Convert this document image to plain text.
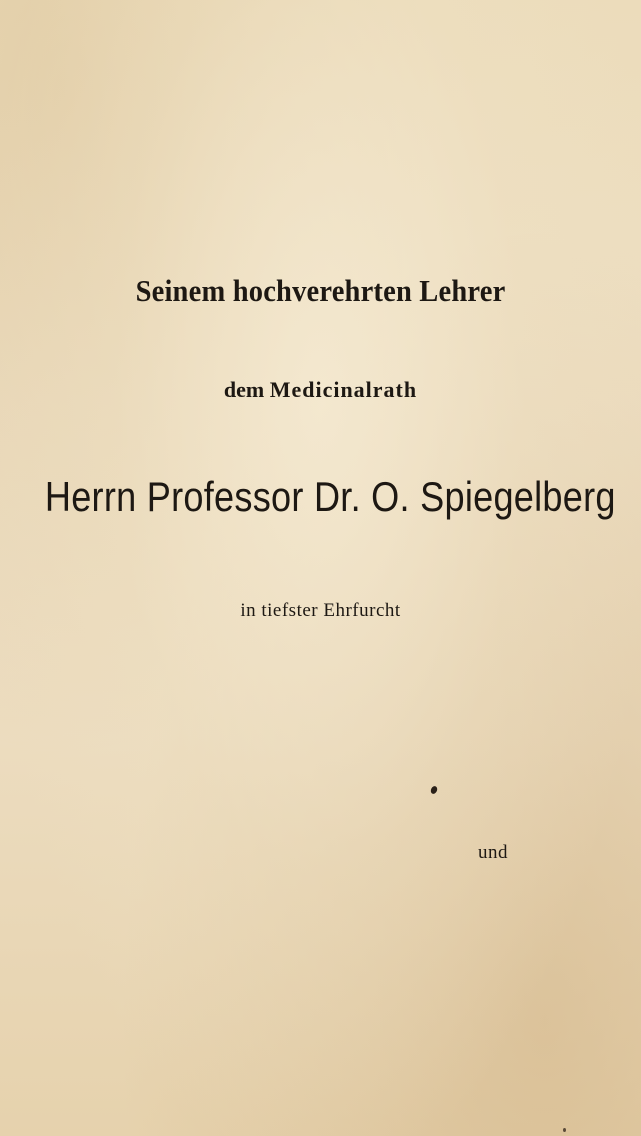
Seinem hochverehrten Lehrer

dem Medicinalrath

Herrn Professor Dr. O. Spiegelberg

in tiefster Ehrfurcht

und
